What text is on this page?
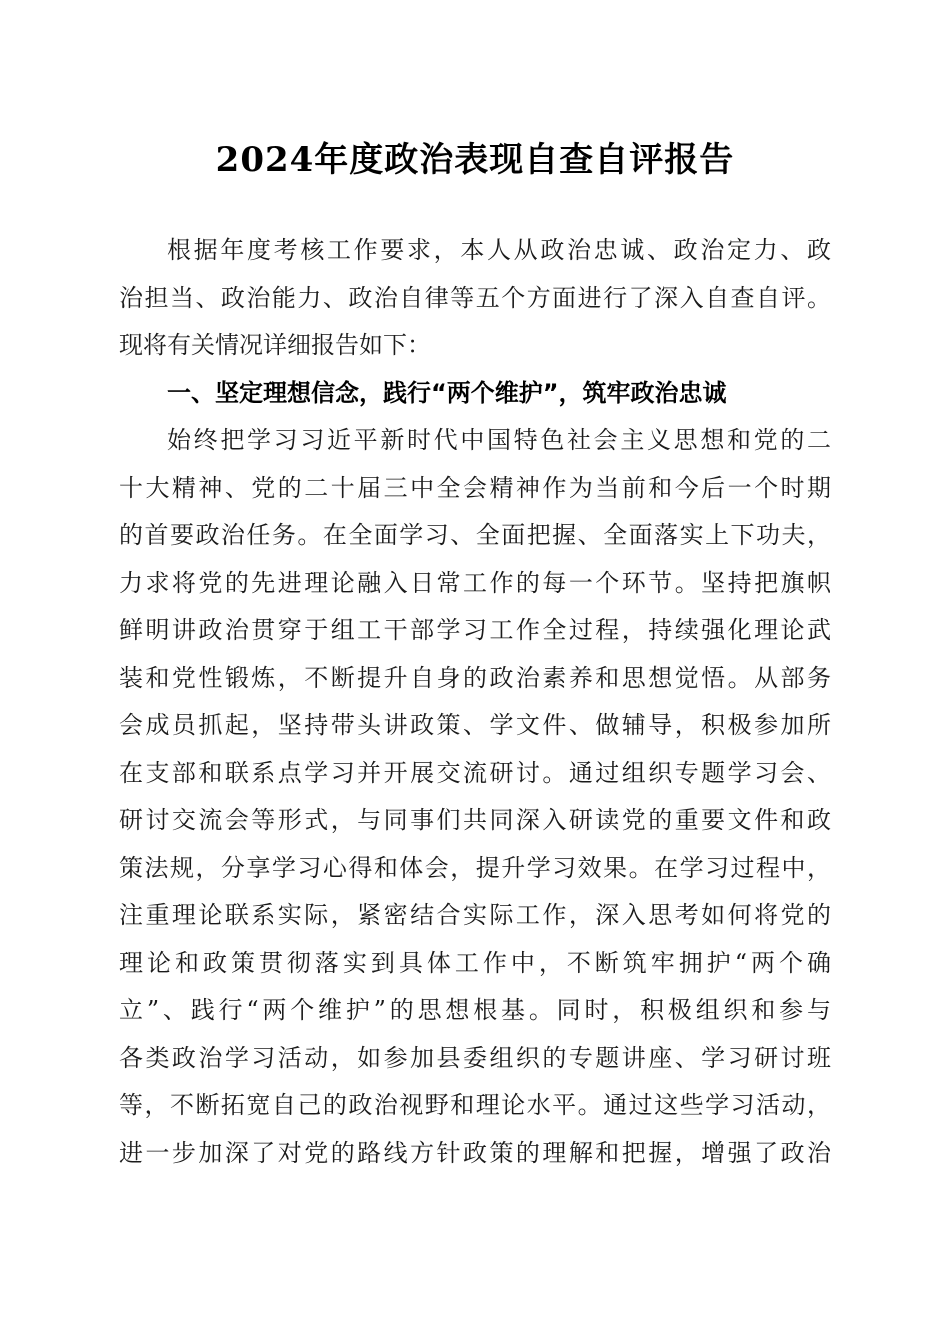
2024年度政治表现自查自评报告
根据年度考核工作要求，本人从政治忠诚、政治定力、政
治担当、政治能力、政治自律等五个方面进行了深入自查自评。
现将有关情况详细报告如下：
一、坚定理想信念，践行“两个维护”，筑牢政治忠诚
始终把学习习近平新时代中国特色社会主义思想和党的二
十大精神、党的二十届三中全会精神作为当前和今后一个时期
的首要政治任务。在全面学习、全面把握、全面落实上下功夫，
力求将党的先进理论融入日常工作的每一个环节。坚持把旗帜
鲜明讲政治贯穿于组工干部学习工作全过程，持续强化理论武
装和党性锻炼，不断提升自身的政治素养和思想觉悟。从部务
会成员抓起，坚持带头讲政策、学文件、做辅导，积极参加所
在支部和联系点学习并开展交流研讨。通过组织专题学习会、
研讨交流会等形式，与同事们共同深入研读党的重要文件和政
策法规，分享学习心得和体会，提升学习效果。在学习过程中，
注重理论联系实际，紧密结合实际工作，深入思考如何将党的
理论和政策贯彻落实到具体工作中，不断筑牢拥护“两个确
立”、践行“两个维护”的思想根基。同时，积极组织和参与
各类政治学习活动，如参加县委组织的专题讲座、学习研讨班
等，不断拓宽自己的政治视野和理论水平。通过这些学习活动，
进一步加深了对党的路线方针政策的理解和把握，增强了政治
